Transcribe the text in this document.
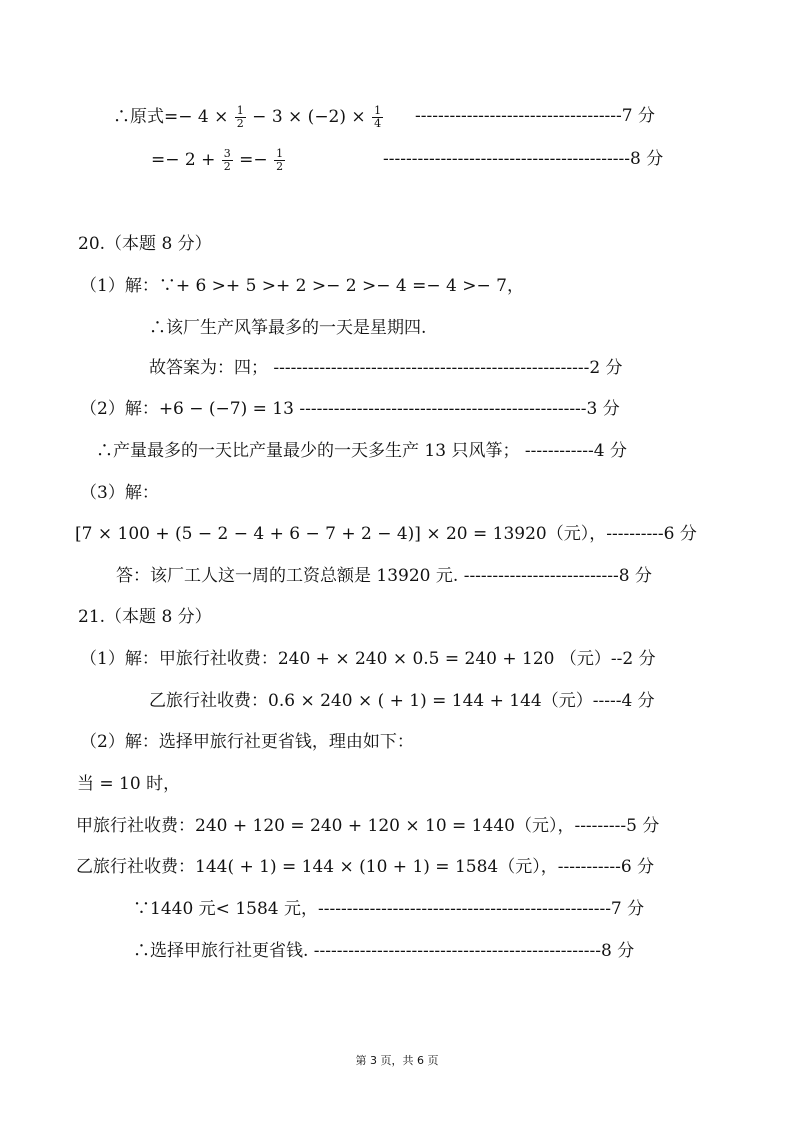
∴原式=− $4 \times \frac{1}{2} - 3 \times (-2) \times \frac{1}{4} ------------------------------------7$ 分
=− $2 + \frac{3}{2} =- \frac{1}{2}$	-------------------------------------------8 分
20.（本题 8 分）
（1）解：∵+ 6 >+ 5 >+ 2 >− 2 >− 4 =− 4 >− 7，
∴该厂生产风筝最多的一天是星期四.
故答案为：四； -------------------------------------------------------2 分
（2）解：+6 − (−7) = 13 --------------------------------------------------3 分
∴产量最多的一天比产量最少的一天多生产 13 只风筝； ------------4 分
（3）解：
[7 × 100 + (5 − 2 − 4 + 6 − 7 + 2 − 4)] × 20 = 13920（元），----------6 分
答：该厂工人这一周的工资总额是 13920 元. ---------------------------8 分
21.（本题 8 分）
（1）解：甲旅行社收费：240 + × 240 × 0.5 = 240 + 120 （元）--2 分
乙旅行社收费：0.6 × 240 × ( + 1) = 144 + 144（元）-----4 分
（2）解：选择甲旅行社更省钱，理由如下：
当 = 10 时，
甲旅行社收费：240 + 120 = 240 + 120 × 10 = 1440（元），---------5 分
乙旅行社收费：144( + 1) = 144 × (10 + 1) = 1584（元），-----------6 分
∵1440 元< 1584 元，---------------------------------------------------7 分
∴选择甲旅行社更省钱. --------------------------------------------------8 分
第 3 页，共 6 页
